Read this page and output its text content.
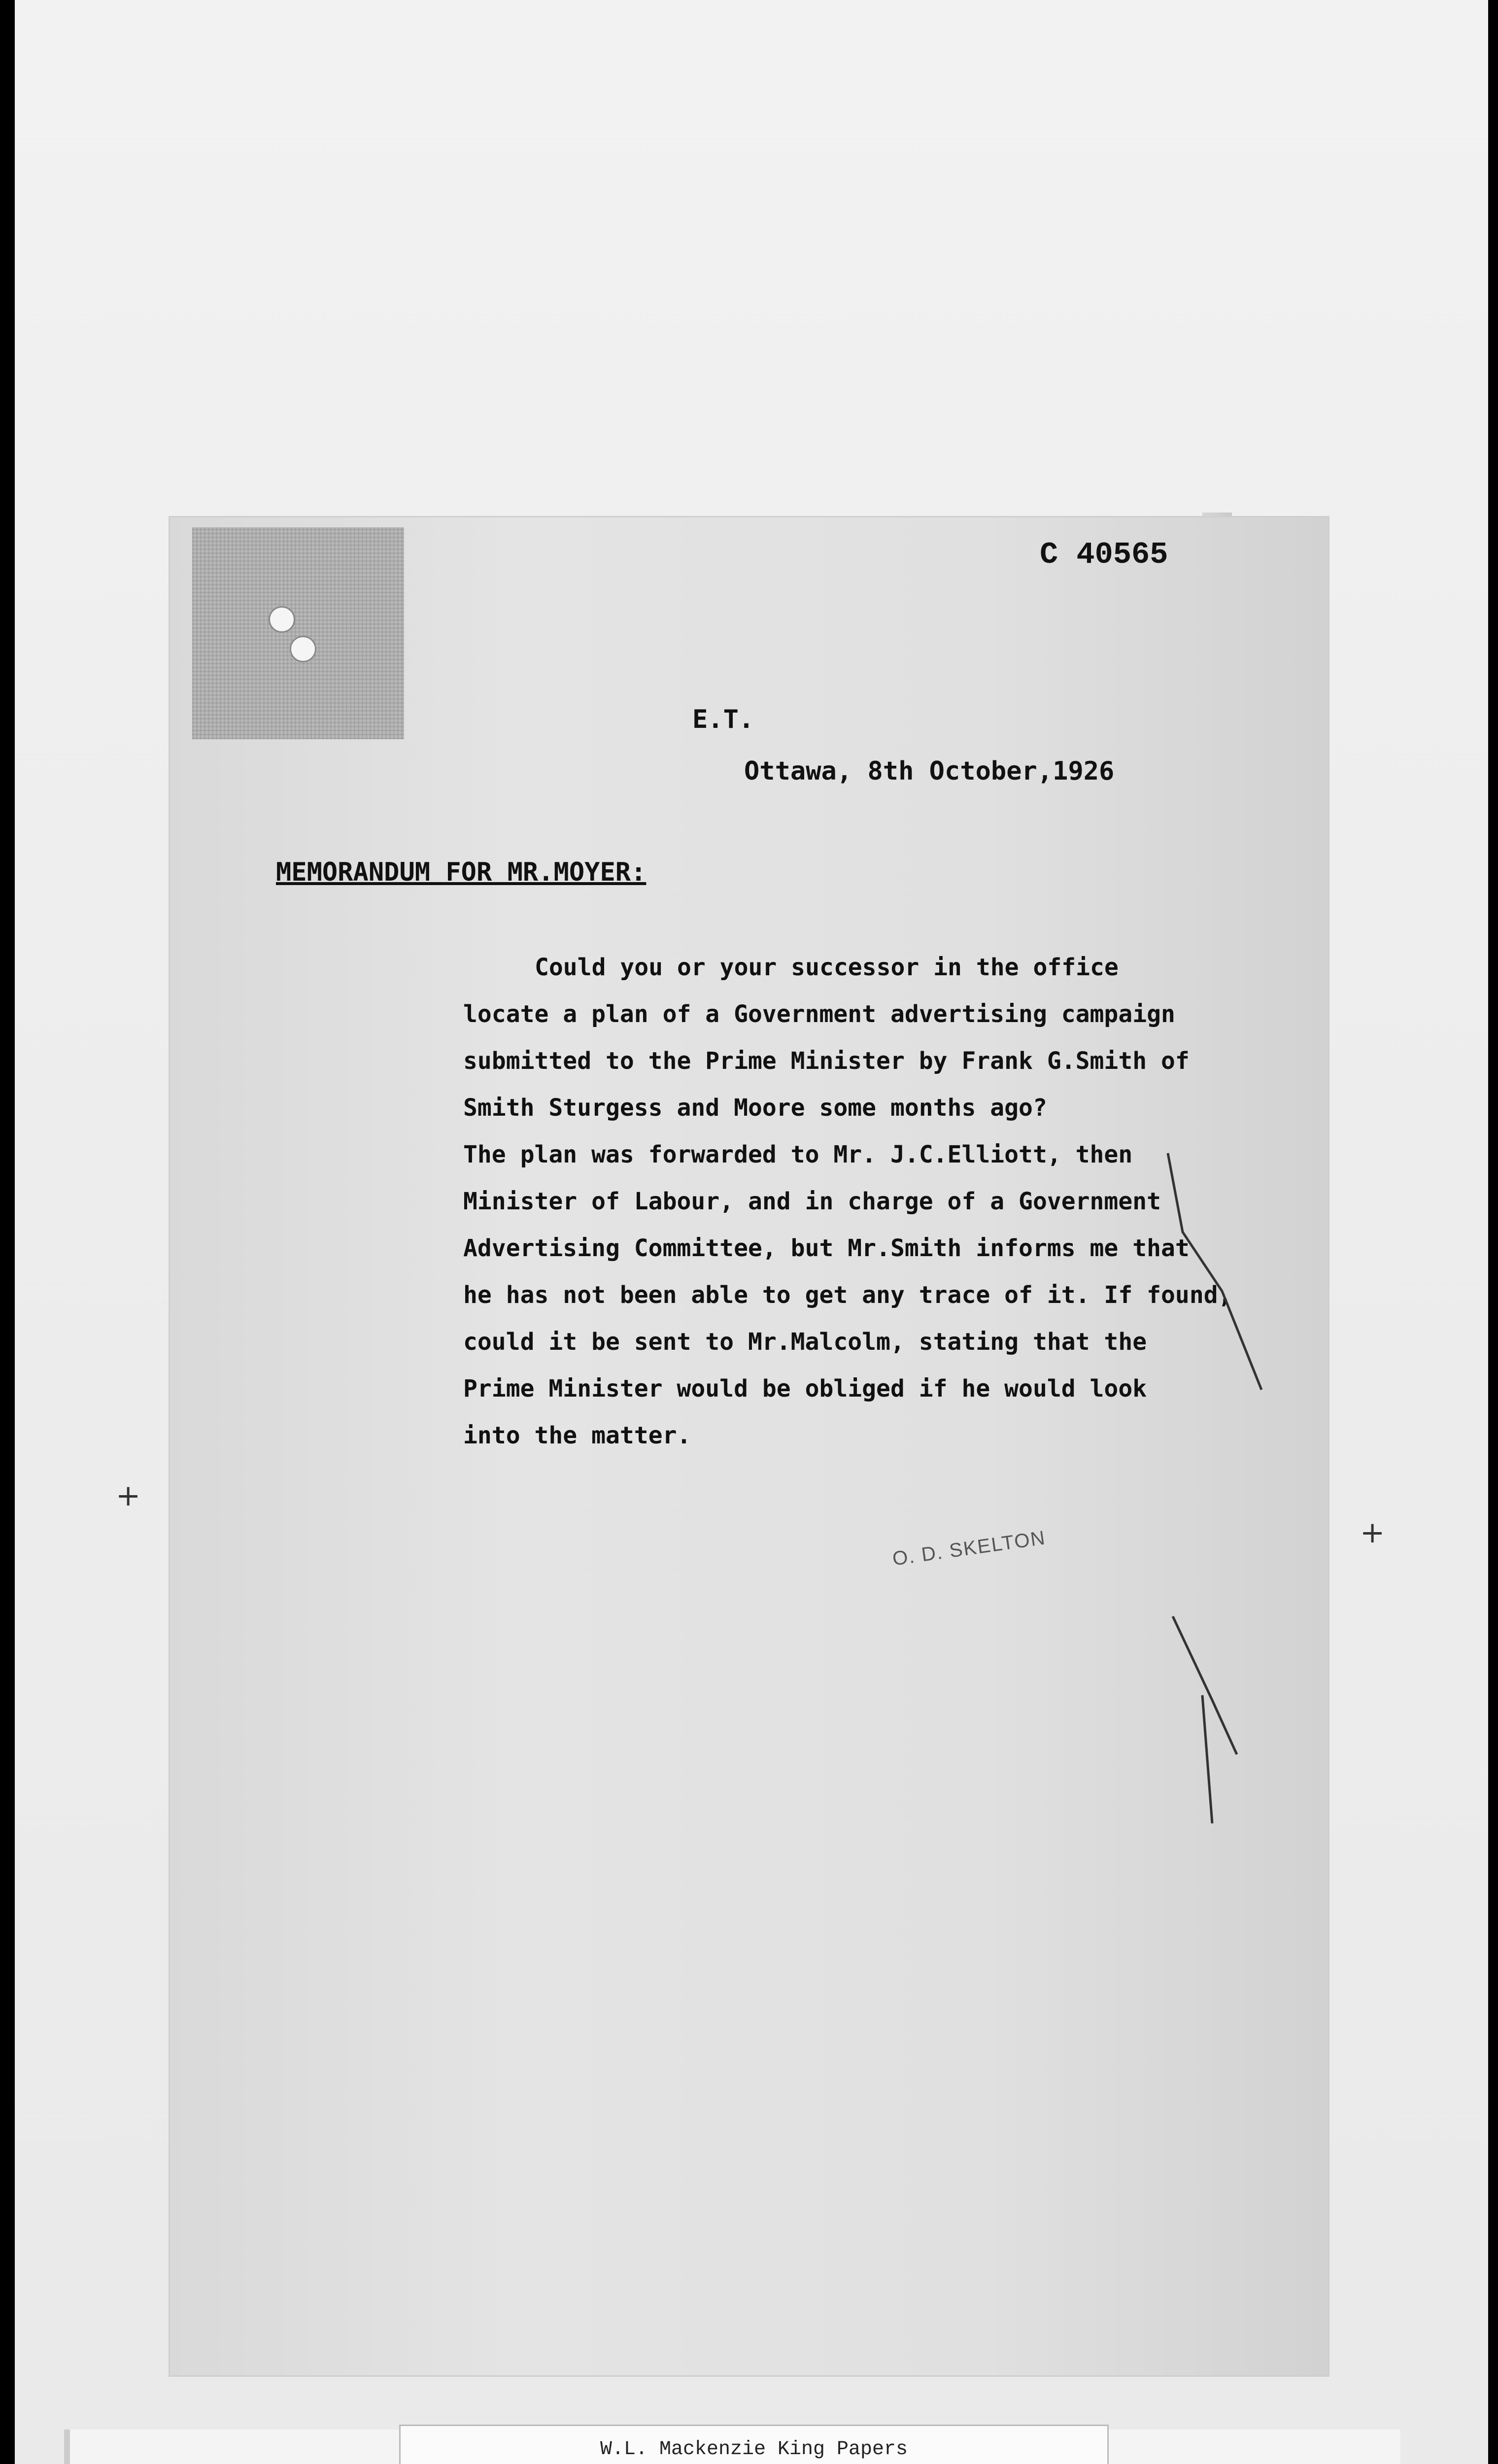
C 40565
E.T.
Ottawa, 8th October,1926
MEMORANDUM FOR MR.MOYER:
Could you or your successor in the office
locate a plan of a Government advertising campaign
submitted to the Prime Minister by Frank G.Smith of
Smith Sturgess and Moore some months ago?
The plan was forwarded to Mr. J.C.Elliott, then
Minister of Labour, and in charge of a Government
Advertising Committee, but Mr.Smith informs me that
he has not been able to get any trace of it. If found,
could it be sent to Mr.Malcolm, stating that the
Prime Minister would be obliged if he would look
into the matter.
O. D. SKELTON
+
+
W.L. Mackenzie King Papers
